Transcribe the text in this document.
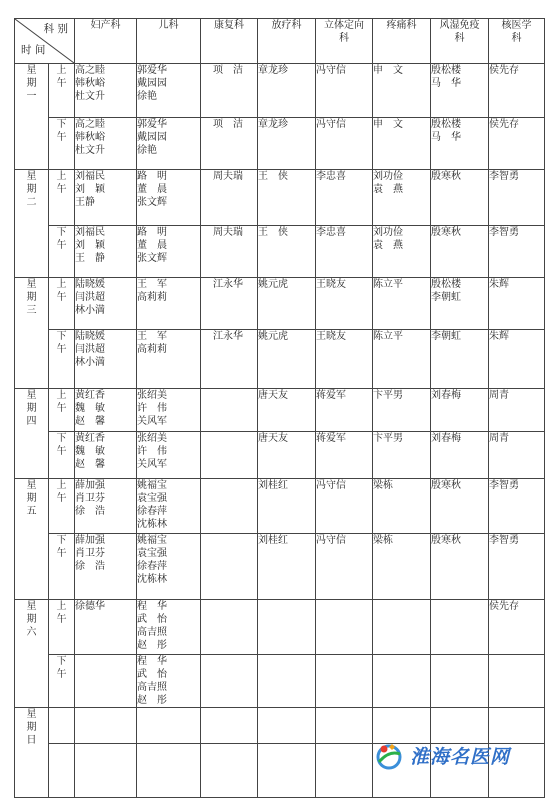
科 别
时 间		妇产科	儿科	康复科	放疗科	立体定向科	疼痛科	风湿免疫科	核医学科

星
期
一	上
午	高之睦
韩秋峪
杜文升	郭爱华
戴园园
徐艳	项　洁	章龙珍	冯守信	申　文	殷松楼
马　华	侯先存

	下
午	高之睦
韩秋峪
杜文升	郭爱华
戴园园
徐艳	项　洁	章龙珍	冯守信	申　文	殷松楼
马　华	侯先存

星
期
二	上
午	刘福民
刘　颖
王静	路　明
董　晨
张文辉	周夫瑞	王　侠	李忠喜	刘功俭
袁　燕	殷寒秋	李智勇

	下
午	刘福民
刘　颖
王　静	路　明
董　晨
张文辉	周夫瑞	王　侠	李忠喜	刘功俭
袁　燕	殷寒秋	李智勇

星
期
三	上
午	陆晓媛
闫洪超
林小満	王　军
高莉莉	江永华	姚元虎	王晓友	陈立平	殷松楼
李朝虹	朱辉

	下
午	陆晓媛
闫洪超
林小満	王　军
高莉莉	江永华	姚元虎	王晓友	陈立平	李朝虹	朱辉

星
期
四	上
午	黄红香
魏　敏
赵　馨	张绍美
许　伟
关风军		唐天友	蒋爱军	卞平男	刘春梅	周青

	下
午	黄红香
魏　敏
赵　馨	张绍美
许　伟
关风军		唐天友	蒋爱军	卞平男	刘春梅	周青

星
期
五	上
午	薛加强
肖卫芬
徐　浩	姚福宝
袁宝强
徐春萍
沈栋林		刘桂红	冯守信	梁栋	殷寒秋	李智勇

	下
午	薛加强
肖卫芬
徐　浩	姚福宝
袁宝强
徐春萍
沈栋林		刘桂红	冯守信	梁栋	殷寒秋	李智勇

星
期
六	上
午	徐德华	程　华
武　怡
高吉照
赵　彤						侯先存

	下
午		程　华
武　怡
高吉照
赵　彤						

星
期
日									

淮海名医网
